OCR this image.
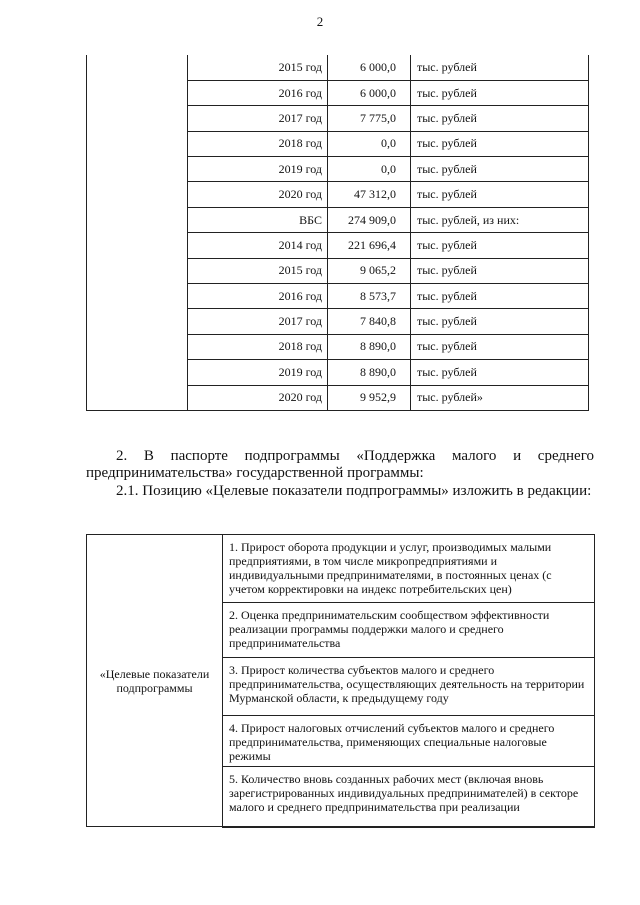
2
	2015 год	6 000,0	тыс. рублей
	2016 год	6 000,0	тыс. рублей
	2017 год	7 775,0	тыс. рублей
	2018 год	0,0	тыс. рублей
	2019 год	0,0	тыс. рублей
	2020 год	47 312,0	тыс. рублей
	ВБС	274 909,0	тыс. рублей, из них:
	2014 год	221 696,4	тыс. рублей
	2015 год	9 065,2	тыс. рублей
	2016 год	8 573,7	тыс. рублей
	2017 год	7 840,8	тыс. рублей
	2018 год	8 890,0	тыс. рублей
	2019 год	8 890,0	тыс. рублей
	2020 год	9 952,9	тыс. рублей»
2. В паспорте подпрограммы «Поддержка малого и среднего предпринимательства» государственной программы:
2.1. Позицию «Целевые показатели подпрограммы» изложить в редакции:
«Целевые показатели подпрограммы	1. Прирост оборота продукции и услуг, производимых малыми предприятиями, в том числе микропредприятиями и индивидуальными предпринимателями, в постоянных ценах (с учетом корректировки на индекс потребительских цен)
2. Оценка предпринимательским сообществом эффективности реализации программы поддержки малого и среднего предпринимательства
3. Прирост количества субъектов малого и среднего предпринимательства, осуществляющих деятельность на территории Мурманской области, к предыдущему году
4. Прирост налоговых отчислений субъектов малого и среднего предпринимательства, применяющих специальные налоговые режимы
5. Количество вновь созданных рабочих мест (включая вновь зарегистрированных индивидуальных предпринимателей) в секторе малого и среднего предпринимательства при реализации
